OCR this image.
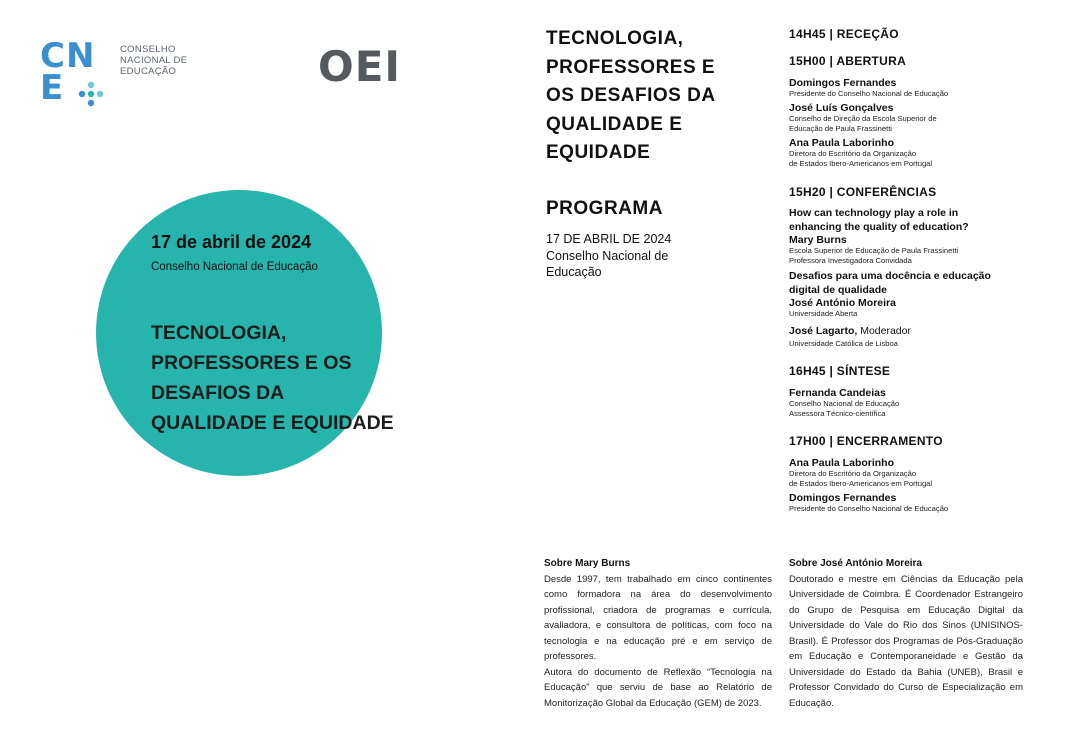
CN
E
CONSELHO
NACIONAL DE
EDUCAÇÃO	OEI
17 de abril de 2024
Conselho Nacional de Educação
TECNOLOGIA,
PROFESSORES E OS
DESAFIOS DA
QUALIDADE E EQUIDADE
TECNOLOGIA,
PROFESSORES E
OS DESAFIOS DA
QUALIDADE E
EQUIDADE
PROGRAMA
17 DE ABRIL DE 2024
Conselho Nacional de
Educação
14H45 | RECEÇÃO
15H00 | ABERTURA
Domingos Fernandes
Presidente do Conselho Nacional de Educação
José Luís Gonçalves
Conselho de Direção da Escola Superior de
Educação de Paula Frassinetti
Ana Paula Laborinho
Diretora do Escritório da Organização
de Estados Ibero-Americanos em Portugal
15H20 | CONFERÊNCIAS
How can technology play a role in
enhancing the quality of education?
Mary Burns
Escola Superior de Educação de Paula Frassinetti
Professora Investigadora Convidada
Desafios para uma docência e educação
digital de qualidade
José António Moreira
Universidade Aberta
José Lagarto, Moderador
Universidade Católica de Lisboa
16H45 | SÍNTESE
Fernanda Candeias
Conselho Nacional de Educação
Assessora Técnico-científica
17H00 | ENCERRAMENTO
Ana Paula Laborinho
Diretora do Escritório da Organização
de Estados Ibero-Americanos em Portugal
Domingos Fernandes
Presidente do Conselho Nacional de Educação
Sobre Mary Burns
Desde 1997, tem trabalhado em cinco continentes como formadora na área do desenvolvimento profissional, criadora de programas e currícula, avaliadora, e consultora de políticas, com foco na tecnologia e na educação pré e em serviço de professores.
Autora do documento de Reflexão “Tecnologia na Educação” que serviu de base ao Relatório de Monitorização Global da Educação (GEM) de 2023.
Sobre José António Moreira
Doutorado e mestre em Ciências da Educação pela Universidade de Coimbra. É Coordenador Estrangeiro do Grupo de Pesquisa em Educação Digital da Universidade do Vale do Rio dos Sinos (UNISINOS-Brasil). É Professor dos Programas de Pós-Graduação em Educação e Contemporaneidade e Gestão da Universidade do Estado da Bahia (UNEB), Brasil e Professor Convidado do Curso de Especialização em Educação.
